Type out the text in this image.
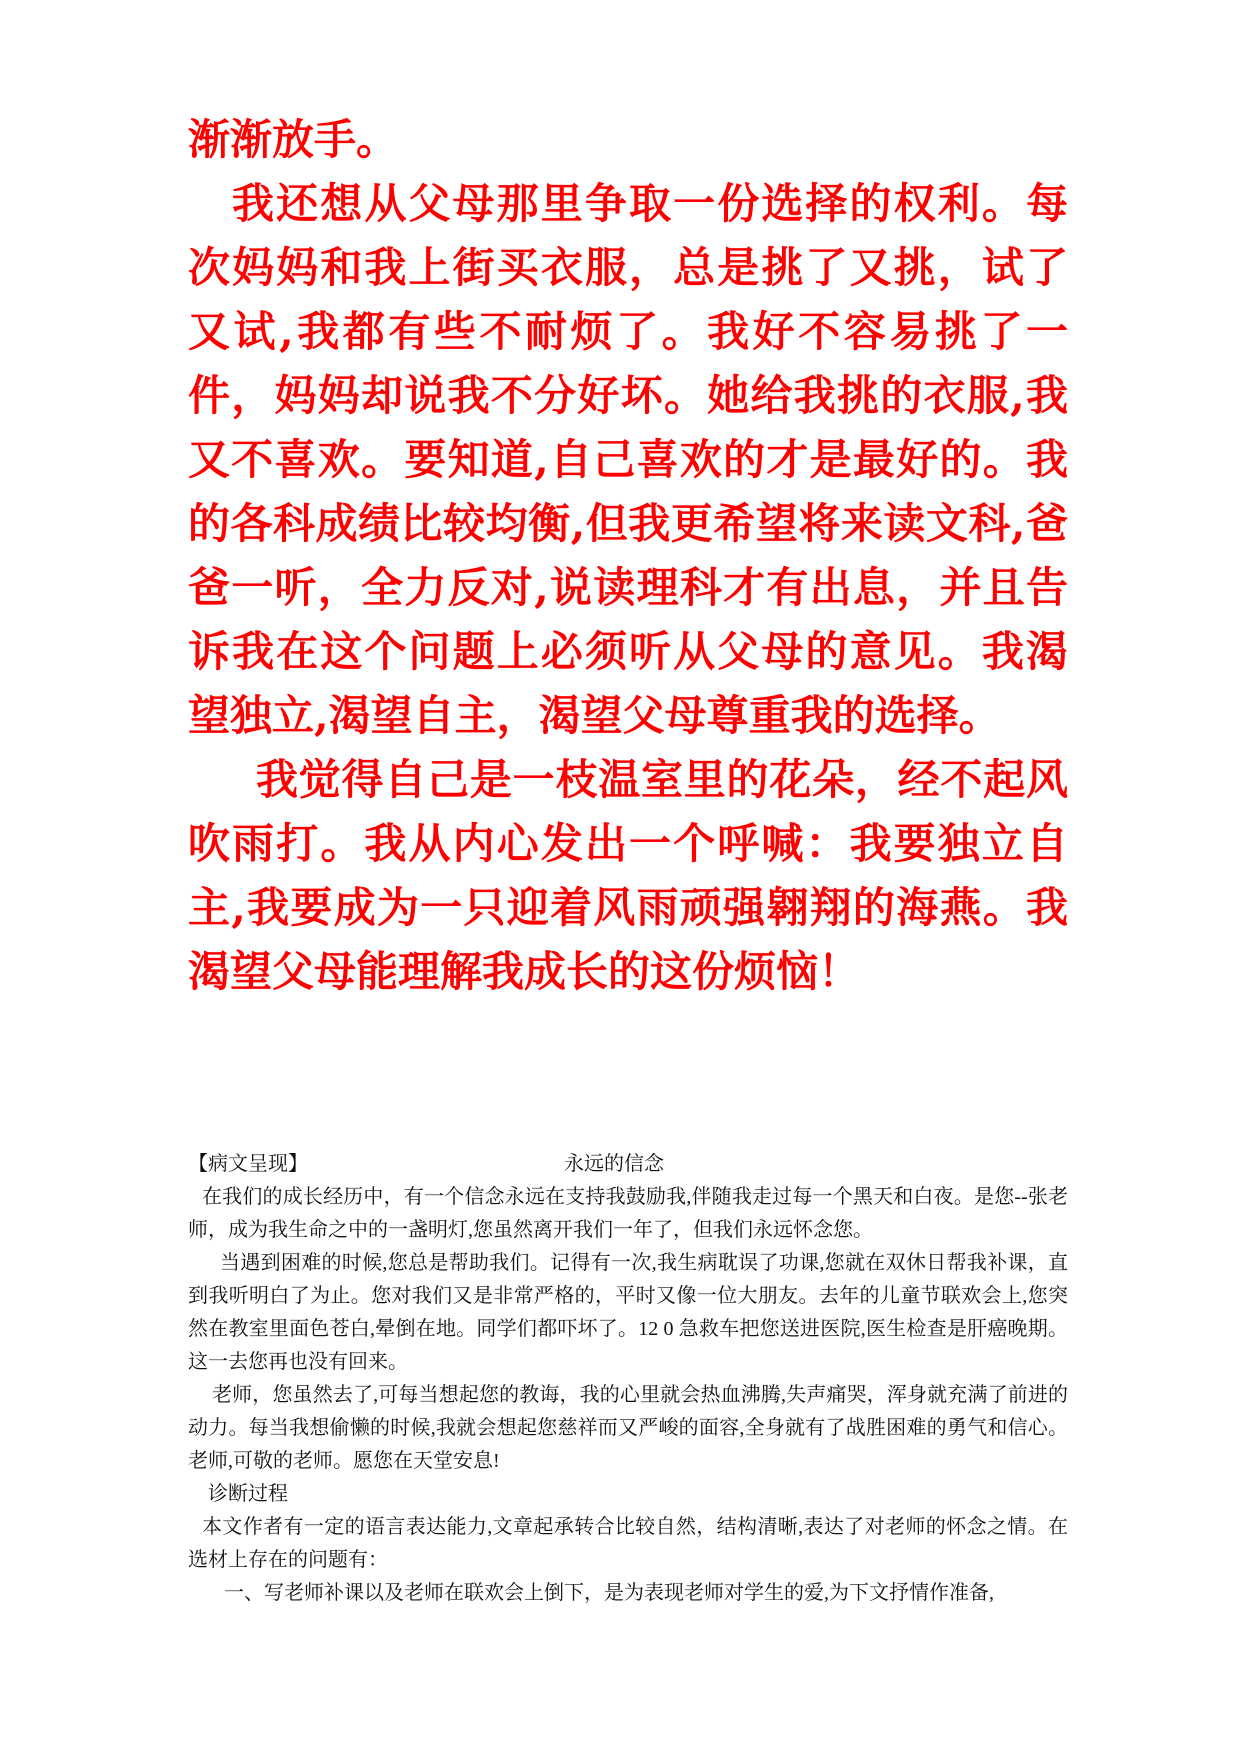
渐渐放手。

我还想从父母那里争取一份选择的权利。每次妈妈和我上街买衣服，总是挑了又挑，试了又试,我都有些不耐烦了。我好不容易挑了一件，妈妈却说我不分好坏。她给我挑的衣服,我又不喜欢。要知道,自己喜欢的才是最好的。我的各科成绩比较均衡,但我更希望将来读文科,爸爸一听，全力反对,说读理科才有出息，并且告诉我在这个问题上必须听从父母的意见。我渴望独立,渴望自主，渴望父母尊重我的选择。

我觉得自己是一枝温室里的花朵，经不起风吹雨打。我从内心发出一个呼喊：我要独立自主,我要成为一只迎着风雨顽强翱翔的海燕。我渴望父母能理解我成长的这份烦恼！

【病文呈现】	永远的信念

在我们的成长经历中，有一个信念永远在支持我鼓励我,伴随我走过每一个黑天和白夜。是您--张老师，成为我生命之中的一盏明灯,您虽然离开我们一年了，但我们永远怀念您。

当遇到困难的时候,您总是帮助我们。记得有一次,我生病耽误了功课,您就在双休日帮我补课，直到我听明白了为止。您对我们又是非常严格的，平时又像一位大朋友。去年的儿童节联欢会上,您突然在教室里面色苍白,晕倒在地。同学们都吓坏了。12 0 急救车把您送进医院,医生检查是肝癌晚期。这一去您再也没有回来。

老师，您虽然去了,可每当想起您的教诲，我的心里就会热血沸腾,失声痛哭，浑身就充满了前进的动力。每当我想偷懒的时候,我就会想起您慈祥而又严峻的面容,全身就有了战胜困难的勇气和信心。老师,可敬的老师。愿您在天堂安息!

诊断过程

本文作者有一定的语言表达能力,文章起承转合比较自然，结构清晰,表达了对老师的怀念之情。在选材上存在的问题有：

一、写老师补课以及老师在联欢会上倒下，是为表现老师对学生的爱,为下文抒情作准备,
